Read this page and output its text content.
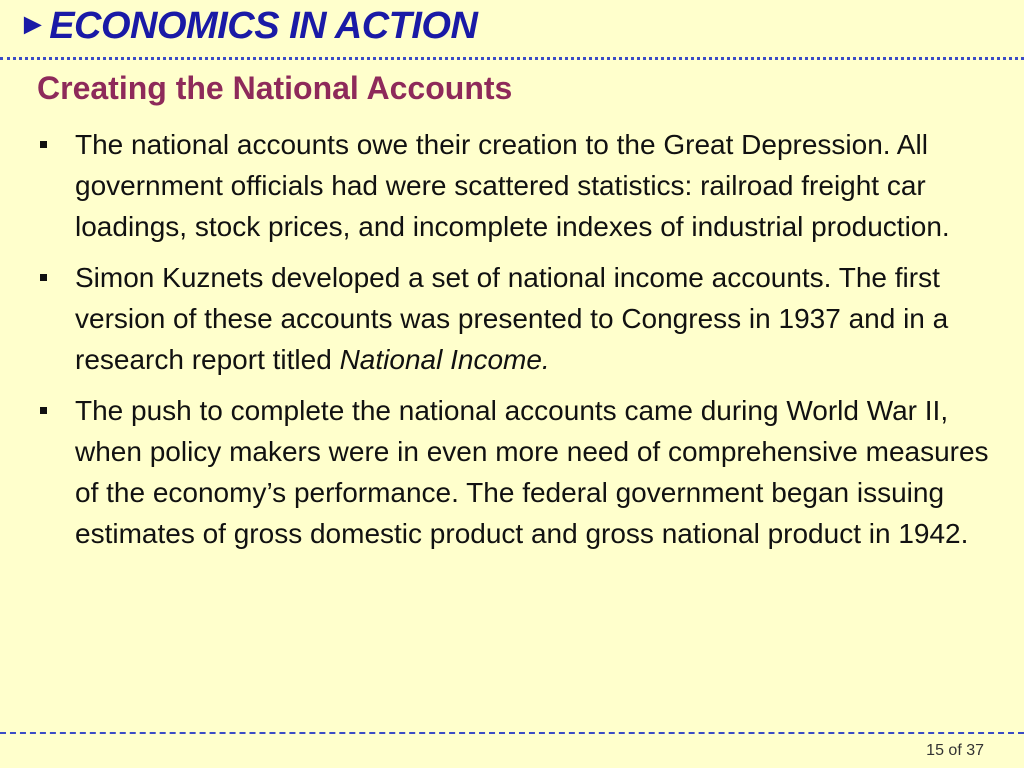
► ECONOMICS IN ACTION
Creating the National Accounts
The national accounts owe their creation to the Great Depression. All government officials had were scattered statistics: railroad freight car loadings, stock prices, and incomplete indexes of industrial production.
Simon Kuznets developed a set of national income accounts. The first version of these accounts was presented to Congress in 1937 and in a research report titled National Income.
The push to complete the national accounts came during World War II, when policy makers were in even more need of comprehensive measures of the economy’s performance. The federal government began issuing estimates of gross domestic product and gross national product in 1942.
15 of 37
